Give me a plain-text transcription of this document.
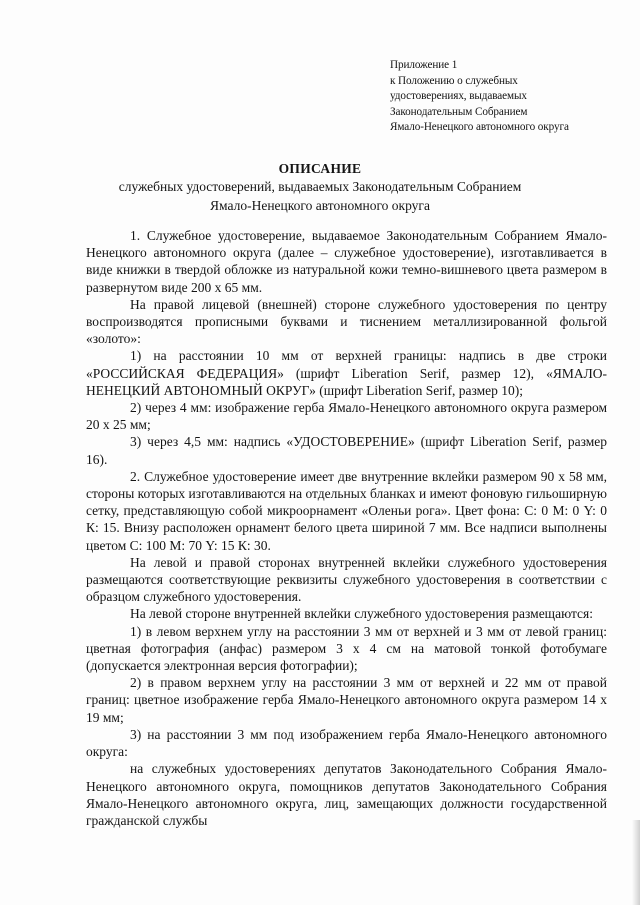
Приложение 1
к Положению о служебных
удостоверениях, выдаваемых
Законодательным Собранием
Ямало-Ненецкого автономного округа
ОПИСАНИЕ
служебных удостоверений, выдаваемых Законодательным Собранием
Ямало-Ненецкого автономного округа

1. Служебное удостоверение, выдаваемое Законодательным Собранием Ямало-Ненецкого автономного округа (далее – служебное удостоверение), изготавливается в виде книжки в твердой обложке из натуральной кожи темно-вишневого цвета размером в развернутом виде 200 х 65 мм.

На правой лицевой (внешней) стороне служебного удостоверения по центру воспроизводятся прописными буквами и тиснением металлизированной фольгой «золото»:

1) на расстоянии 10 мм от верхней границы: надпись в две строки «РОССИЙСКАЯ ФЕДЕРАЦИЯ» (шрифт Liberation Serif, размер 12), «ЯМАЛО-НЕНЕЦКИЙ АВТОНОМНЫЙ ОКРУГ» (шрифт Liberation Serif, размер 10);

2) через 4 мм: изображение герба Ямало-Ненецкого автономного округа размером 20 х 25 мм;

3) через 4,5 мм: надпись «УДОСТОВЕРЕНИЕ» (шрифт Liberation Serif, размер 16).

2. Служебное удостоверение имеет две внутренние вклейки размером 90 х 58 мм, стороны которых изготавливаются на отдельных бланках и имеют фоновую гильоширную сетку, представляющую собой микроорнамент «Оленьи рога». Цвет фона: С: 0 М: 0 Y: 0 К: 15. Внизу расположен орнамент белого цвета шириной 7 мм. Все надписи выполнены цветом С: 100 М: 70 Y: 15 К: 30.

На левой и правой сторонах внутренней вклейки служебного удостоверения размещаются соответствующие реквизиты служебного удостоверения в соответствии с образцом служебного удостоверения.

На левой стороне внутренней вклейки служебного удостоверения размещаются:

1) в левом верхнем углу на расстоянии 3 мм от верхней и 3 мм от левой границ: цветная фотография (анфас) размером 3 х 4 см на матовой тонкой фотобумаге (допускается электронная версия фотографии);

2) в правом верхнем углу на расстоянии 3 мм от верхней и 22 мм от правой границ: цветное изображение герба Ямало-Ненецкого автономного округа размером 14 х 19 мм;

3) на расстоянии 3 мм под изображением герба Ямало-Ненецкого автономного округа:

на служебных удостоверениях депутатов Законодательного Собрания Ямало-Ненецкого автономного округа, помощников депутатов Законодательного Собрания Ямало-Ненецкого автономного округа, лиц, замещающих должности государственной гражданской службы
